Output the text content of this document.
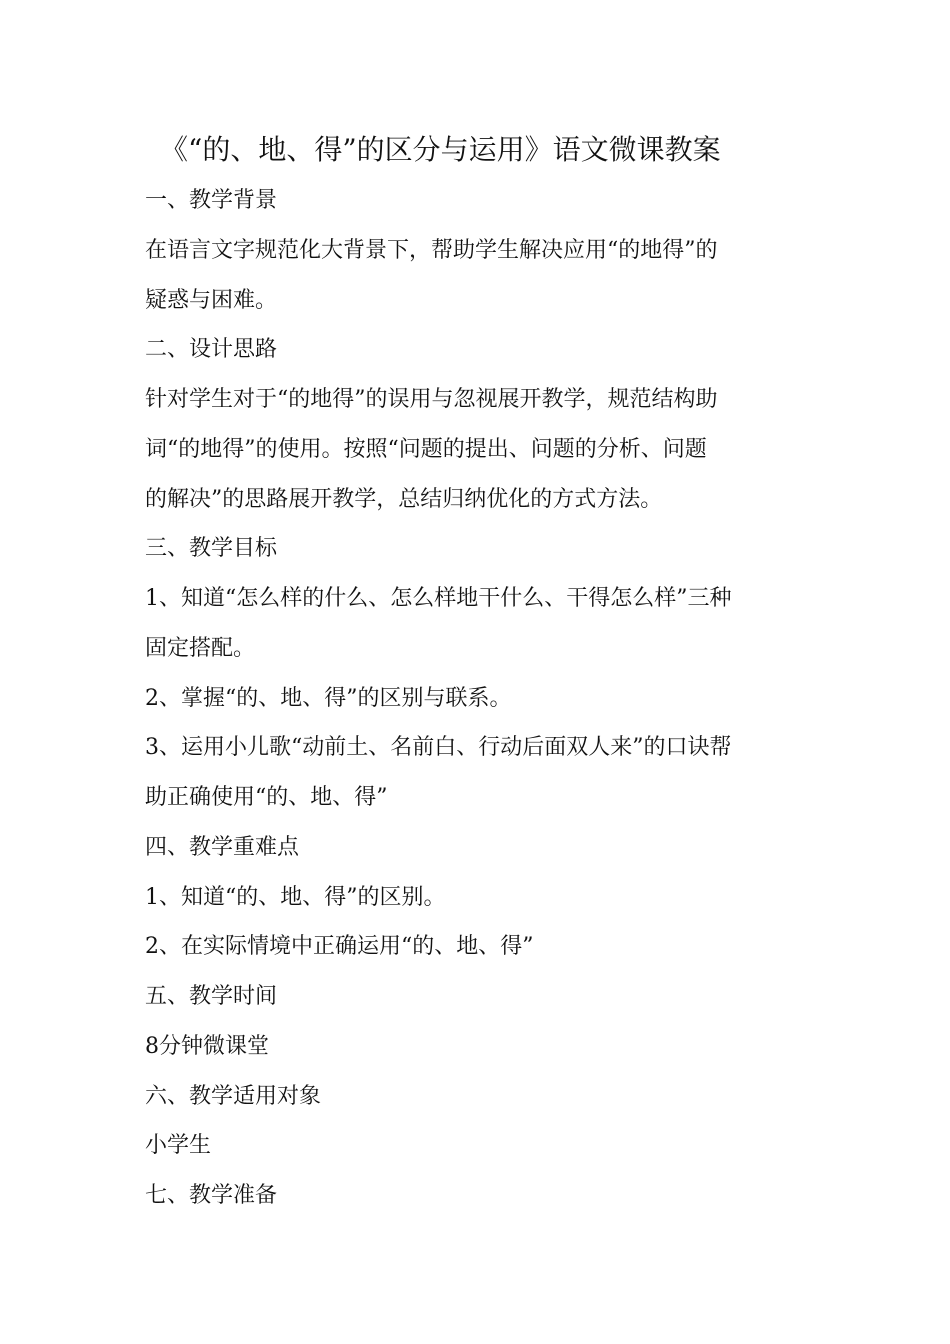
《“的、地、得”的区分与运用》语文微课教案
一、教学背景
在语言文字规范化大背景下，帮助学生解决应用“的地得”的
疑惑与困难。
二、设计思路
针对学生对于“的地得”的误用与忽视展开教学，规范结构助
词“的地得”的使用。按照“问题的提出、问题的分析、问题
的解决”的思路展开教学，总结归纳优化的方式方法。
三、教学目标
1、知道“怎么样的什么、怎么样地干什么、干得怎么样”三种
固定搭配。
2、掌握“的、地、得”的区别与联系。
3、运用小儿歌“动前土、名前白、行动后面双人来”的口诀帮
助正确使用“的、地、得”
四、教学重难点
1、知道“的、地、得”的区别。
2、在实际情境中正确运用“的、地、得”
五、教学时间
8分钟微课堂
六、教学适用对象
小学生
七、教学准备
